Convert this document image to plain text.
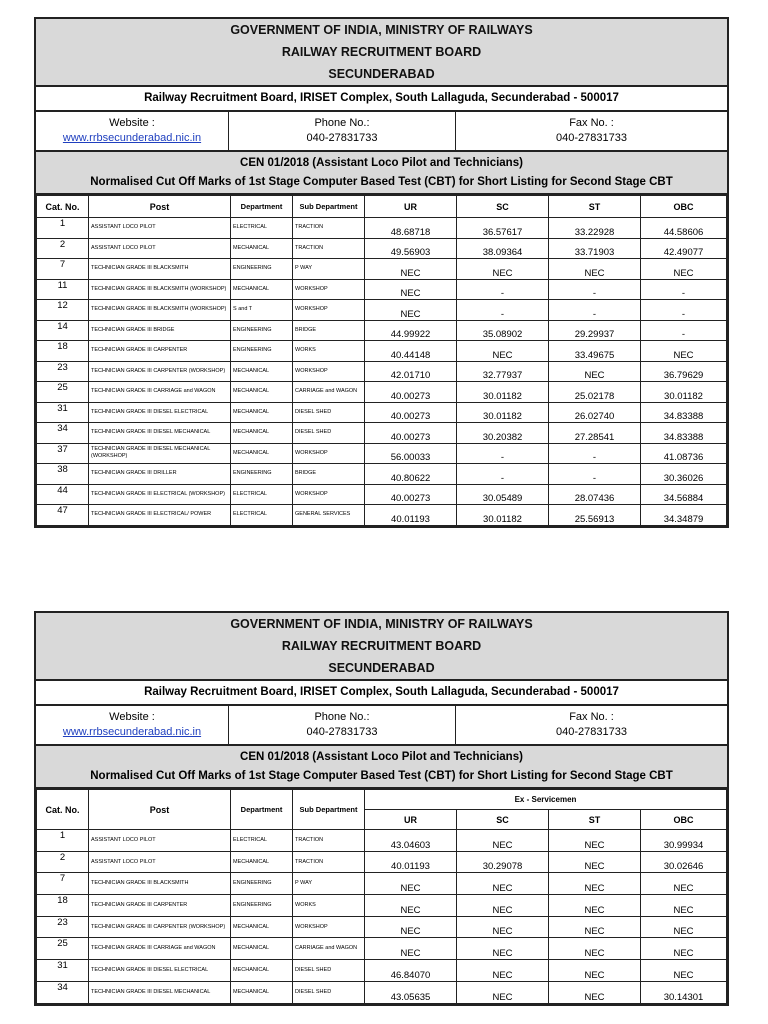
GOVERNMENT OF INDIA, MINISTRY OF RAILWAYS
RAILWAY RECRUITMENT BOARD
SECUNDERABAD
Railway Recruitment Board, IRISET Complex, South Lallaguda, Secunderabad - 500017
Website :
www.rrbsecunderabad.nic.in
Phone No.:
040-27831733
Fax No. :
040-27831733
CEN 01/2018 (Assistant Loco Pilot and Technicians)
Normalised Cut Off Marks of 1st Stage Computer Based Test (CBT) for Short Listing for Second Stage CBT
Cat. No.	Post	Department	Sub Department	UR	SC	ST	OBC
1	ASSISTANT LOCO PILOT	ELECTRICAL	TRACTION	48.68718	36.57617	33.22928	44.58606
2	ASSISTANT LOCO PILOT	MECHANICAL	TRACTION	49.56903	38.09364	33.71903	42.49077
7	TECHNICIAN GRADE III BLACKSMITH	ENGINEERING	P WAY	NEC	NEC	NEC	NEC
11	TECHNICIAN GRADE III BLACKSMITH (WORKSHOP)	MECHANICAL	WORKSHOP	NEC	-	-	-
12	TECHNICIAN GRADE III BLACKSMITH (WORKSHOP)	S and T	WORKSHOP	NEC	-	-	-
14	TECHNICIAN GRADE III BRIDGE	ENGINEERING	BRIDGE	44.99922	35.08902	29.29937	-
18	TECHNICIAN GRADE III CARPENTER	ENGINEERING	WORKS	40.44148	NEC	33.49675	NEC
23	TECHNICIAN GRADE III CARPENTER (WORKSHOP)	MECHANICAL	WORKSHOP	42.01710	32.77937	NEC	36.79629
25	TECHNICIAN GRADE III CARRIAGE and WAGON	MECHANICAL	CARRIAGE and WAGON	40.00273	30.01182	25.02178	30.01182
31	TECHNICIAN GRADE III DIESEL ELECTRICAL	MECHANICAL	DIESEL SHED	40.00273	30.01182	26.02740	34.83388
34	TECHNICIAN GRADE III DIESEL MECHANICAL	MECHANICAL	DIESEL SHED	40.00273	30.20382	27.28541	34.83388
37	TECHNICIAN GRADE III DIESEL MECHANICAL (WORKSHOP)	MECHANICAL	WORKSHOP	56.00033	-	-	41.08736
38	TECHNICIAN GRADE III DRILLER	ENGINEERING	BRIDGE	40.80622	-	-	30.36026
44	TECHNICIAN GRADE III ELECTRICAL (WORKSHOP)	ELECTRICAL	WORKSHOP	40.00273	30.05489	28.07436	34.56884
47	TECHNICIAN GRADE III ELECTRICAL/ POWER	ELECTRICAL	GENERAL SERVICES	40.01193	30.01182	25.56913	34.34879
GOVERNMENT OF INDIA, MINISTRY OF RAILWAYS
RAILWAY RECRUITMENT BOARD
SECUNDERABAD
Railway Recruitment Board, IRISET Complex, South Lallaguda, Secunderabad - 500017
Website :
www.rrbsecunderabad.nic.in
Phone No.:
040-27831733
Fax No. :
040-27831733
CEN 01/2018 (Assistant Loco Pilot and Technicians)
Normalised Cut Off Marks of 1st Stage Computer Based Test (CBT) for Short Listing for Second Stage CBT
Cat. No.	Post	Department	Sub Department	Ex - Servicemen			
				UR	SC	ST	OBC
1	ASSISTANT LOCO PILOT	ELECTRICAL	TRACTION	43.04603	NEC	NEC	30.99934
2	ASSISTANT LOCO PILOT	MECHANICAL	TRACTION	40.01193	30.29078	NEC	30.02646
7	TECHNICIAN GRADE III BLACKSMITH	ENGINEERING	P WAY	NEC	NEC	NEC	NEC
18	TECHNICIAN GRADE III CARPENTER	ENGINEERING	WORKS	NEC	NEC	NEC	NEC
23	TECHNICIAN GRADE III CARPENTER (WORKSHOP)	MECHANICAL	WORKSHOP	NEC	NEC	NEC	NEC
25	TECHNICIAN GRADE III CARRIAGE and WAGON	MECHANICAL	CARRIAGE and WAGON	NEC	NEC	NEC	NEC
31	TECHNICIAN GRADE III DIESEL ELECTRICAL	MECHANICAL	DIESEL SHED	46.84070	NEC	NEC	NEC
34	TECHNICIAN GRADE III DIESEL MECHANICAL	MECHANICAL	DIESEL SHED	43.05635	NEC	NEC	30.14301
